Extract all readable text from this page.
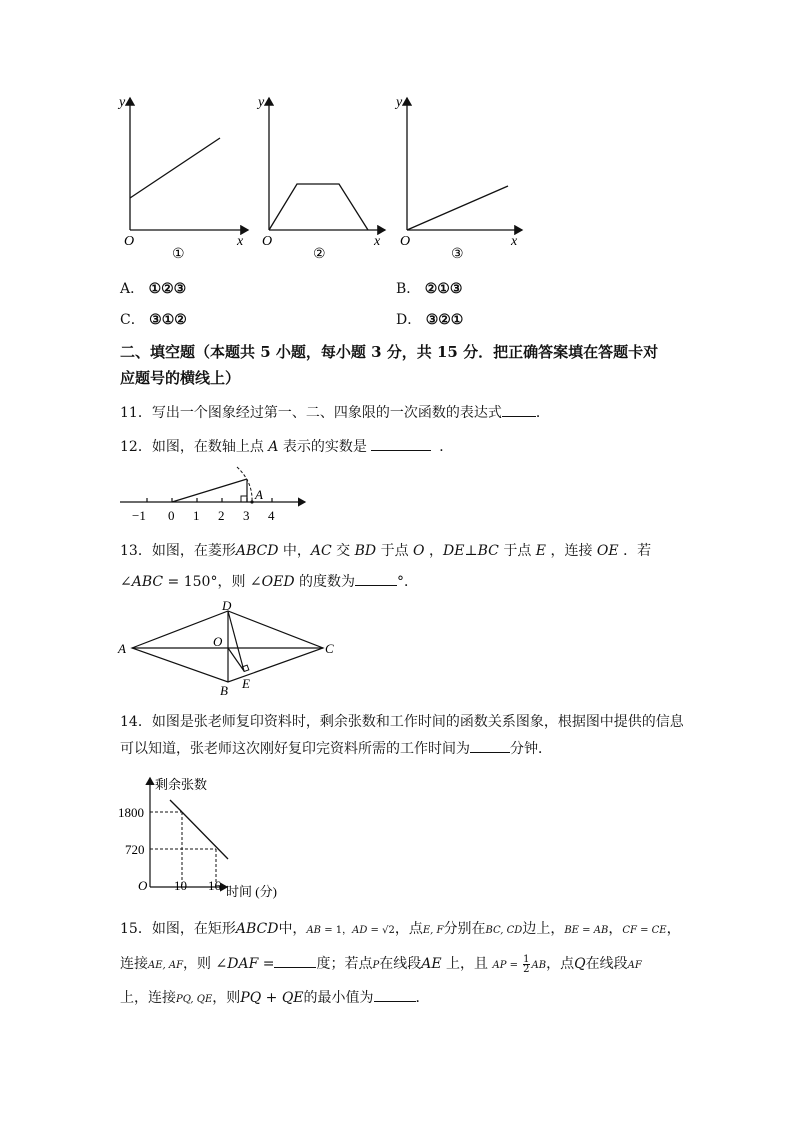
y
O	x
①
y
O	x
②
y
O	x
③
A． ①②③	B． ②①③
C． ③①②	D． ③②①
二、填空题（本题共 5 小题，每小题 3 分，共 15 分．把正确答案填在答题卡对
应题号的横线上）
11．写出一个图象经过第一、二、四象限的一次函数的表达式 ．
12．如图，在数轴上点 A 表示的实数是	．
A
−1 0 1 2 3 4
13．如图，在菱形ABCD 中，AC 交 BD 于点 O ，DE⊥BC 于点 E ，连接 OE ．若
∠ABC = 150°，则 ∠OED 的度数为	°．
A
D
C
B
O
E
14．如图是张老师复印资料时，剩余张数和工作时间的函数关系图象，根据图中提供的信息
可以知道，张老师这次刚好复印完资料所需的工作时间为	分钟．
剩余张数
1800
720
O 10 16 时间 (分)
15．如图，在矩形ABCD中，AB = 1，AD = √2，点E, F分别在BC, CD边上，BE = AB，CF = CE，
连接AE, AF，则 ∠DAF =	度；若点P在线段AE 上，且 AP = $\frac{1}{2}$ AB，点Q在线段AF
上，连接PQ, QE，则PQ + QE的最小值为	．
